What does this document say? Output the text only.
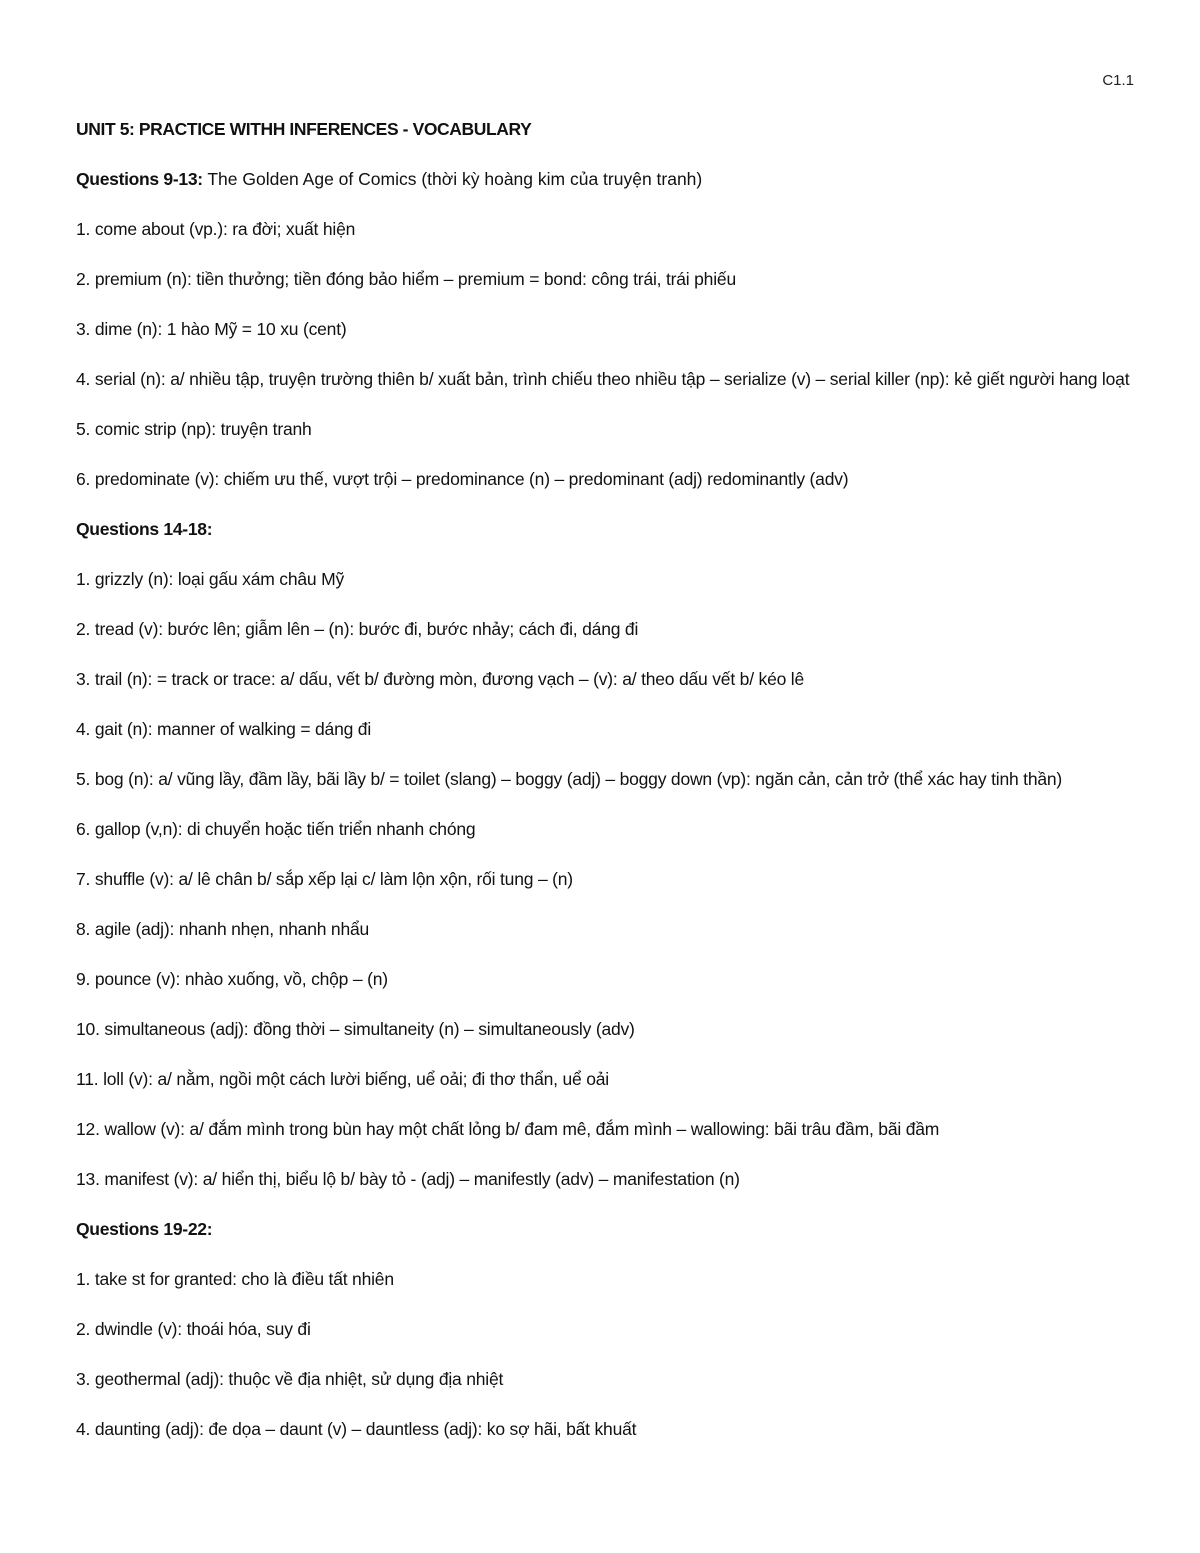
C1.1

UNIT 5: PRACTICE WITHH INFERENCES - VOCABULARY

Questions 9-13: The Golden Age of Comics (thời kỳ hoàng kim của truyện tranh)

1. come about (vp.): ra đời; xuất hiện

2. premium (n): tiền thưởng; tiền đóng bảo hiểm – premium = bond: công trái, trái phiếu

3. dime (n): 1 hào Mỹ = 10 xu (cent)

4. serial (n): a/ nhiều tập, truyện trường thiên b/ xuất bản, trình chiếu theo nhiều tập – serialize (v) – serial killer (np): kẻ giết người hang loạt

5. comic strip (np): truyện tranh

6. predominate (v): chiếm ưu thế, vượt trội – predominance (n) – predominant (adj) redominantly (adv)

Questions 14-18:

1. grizzly (n): loại gấu xám châu Mỹ

2. tread (v): bước lên; giẫm lên – (n): bước đi, bước nhảy; cách đi, dáng đi

3. trail (n): = track or trace: a/ dấu, vết b/ đường mòn, đương vạch – (v): a/ theo dấu vết b/ kéo lê

4. gait (n): manner of walking = dáng đi

5. bog (n): a/ vũng lầy, đầm lầy, bãi lầy b/ = toilet (slang) – boggy (adj) – boggy down (vp): ngăn cản, cản trở (thể xác hay tinh thần)

6. gallop (v,n): di chuyển hoặc tiến triển nhanh chóng

7. shuffle (v): a/ lê chân b/ sắp xếp lại c/ làm lộn xộn, rối tung – (n)

8. agile (adj): nhanh nhẹn, nhanh nhẩu

9. pounce (v): nhào xuống, vồ, chộp – (n)

10. simultaneous (adj): đồng thời – simultaneity (n) – simultaneously (adv)

11. loll (v): a/ nằm, ngồi một cách lười biếng, uể oải; đi thơ thẩn, uể oải

12. wallow (v): a/ đắm mình trong bùn hay một chất lỏng b/ đam mê, đắm mình – wallowing: bãi trâu đầm, bãi đầm

13. manifest (v): a/ hiển thị, biểu lộ b/ bày tỏ - (adj) – manifestly (adv) – manifestation (n)

Questions 19-22:

1. take st for granted: cho là điều tất nhiên

2. dwindle (v): thoái hóa, suy đi

3. geothermal (adj): thuộc về địa nhiệt, sử dụng địa nhiệt

4. daunting (adj): đe dọa – daunt (v) – dauntless (adj): ko sợ hãi, bất khuất
